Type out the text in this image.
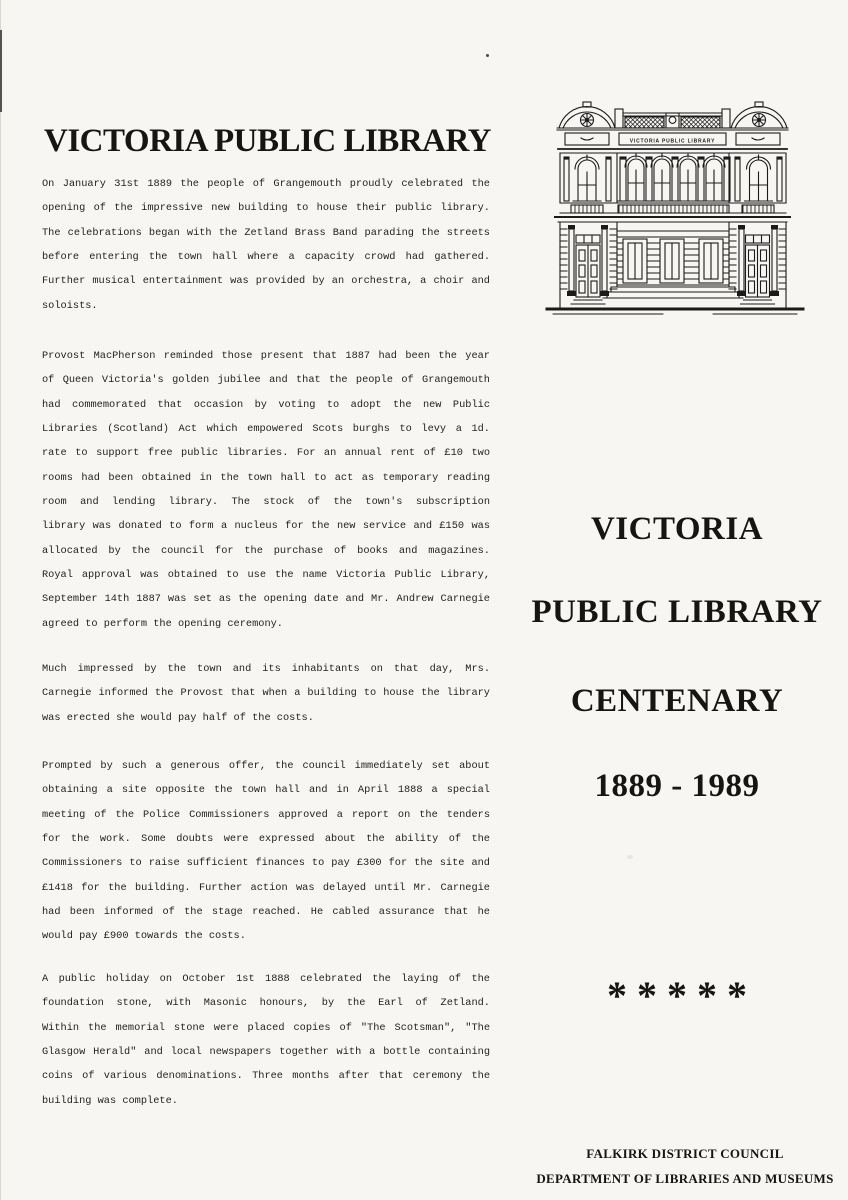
VICTORIA PUBLIC LIBRARY
On January 31st 1889 the people of Grangemouth proudly celebrated the
opening of the impressive new building to house their public library.
The celebrations began with the Zetland Brass Band parading the streets
before entering the town hall where a capacity crowd had gathered.
Further musical entertainment was provided by an orchestra, a choir and
soloists.
Provost MacPherson reminded those present that 1887 had been the year
of Queen Victoria's golden jubilee and that the people of Grangemouth
had commemorated that occasion by voting to adopt the new Public
Libraries (Scotland) Act which empowered Scots burghs to levy a 1d.
rate to support free public libraries. For an annual rent of £10 two
rooms had been obtained in the town hall to act as temporary reading
room and lending library. The stock of the town's subscription
library was donated to form a nucleus for the new service and £150 was
allocated by the council for the purchase of books and magazines.
Royal approval was obtained to use the name Victoria Public Library,
September 14th 1887 was set as the opening date and Mr. Andrew Carnegie
agreed to perform the opening ceremony.
Much impressed by the town and its inhabitants on that day, Mrs.
Carnegie informed the Provost that when a building to house the library
was erected she would pay half of the costs.
Prompted by such a generous offer, the council immediately set about
obtaining a site opposite the town hall and in April 1888 a special
meeting of the Police Commissioners approved a report on the tenders
for the work. Some doubts were expressed about the ability of the
Commissioners to raise sufficient finances to pay £300 for the site and
£1418 for the building. Further action was delayed until Mr. Carnegie
had been informed of the stage reached. He cabled assurance that he
would pay £900 towards the costs.
A public holiday on October 1st 1888 celebrated the laying of the
foundation stone, with Masonic honours, by the Earl of Zetland.
Within the memorial stone were placed copies of "The Scotsman", "The
Glasgow Herald" and local newspapers together with a bottle containing
coins of various denominations. Three months after that ceremony the
building was complete.
VICTORIA PUBLIC LIBRARY
VICTORIA
PUBLIC LIBRARY
CENTENARY
1889 - 1989
* * * * *
FALKIRK DISTRICT COUNCIL
DEPARTMENT OF LIBRARIES AND MUSEUMS
